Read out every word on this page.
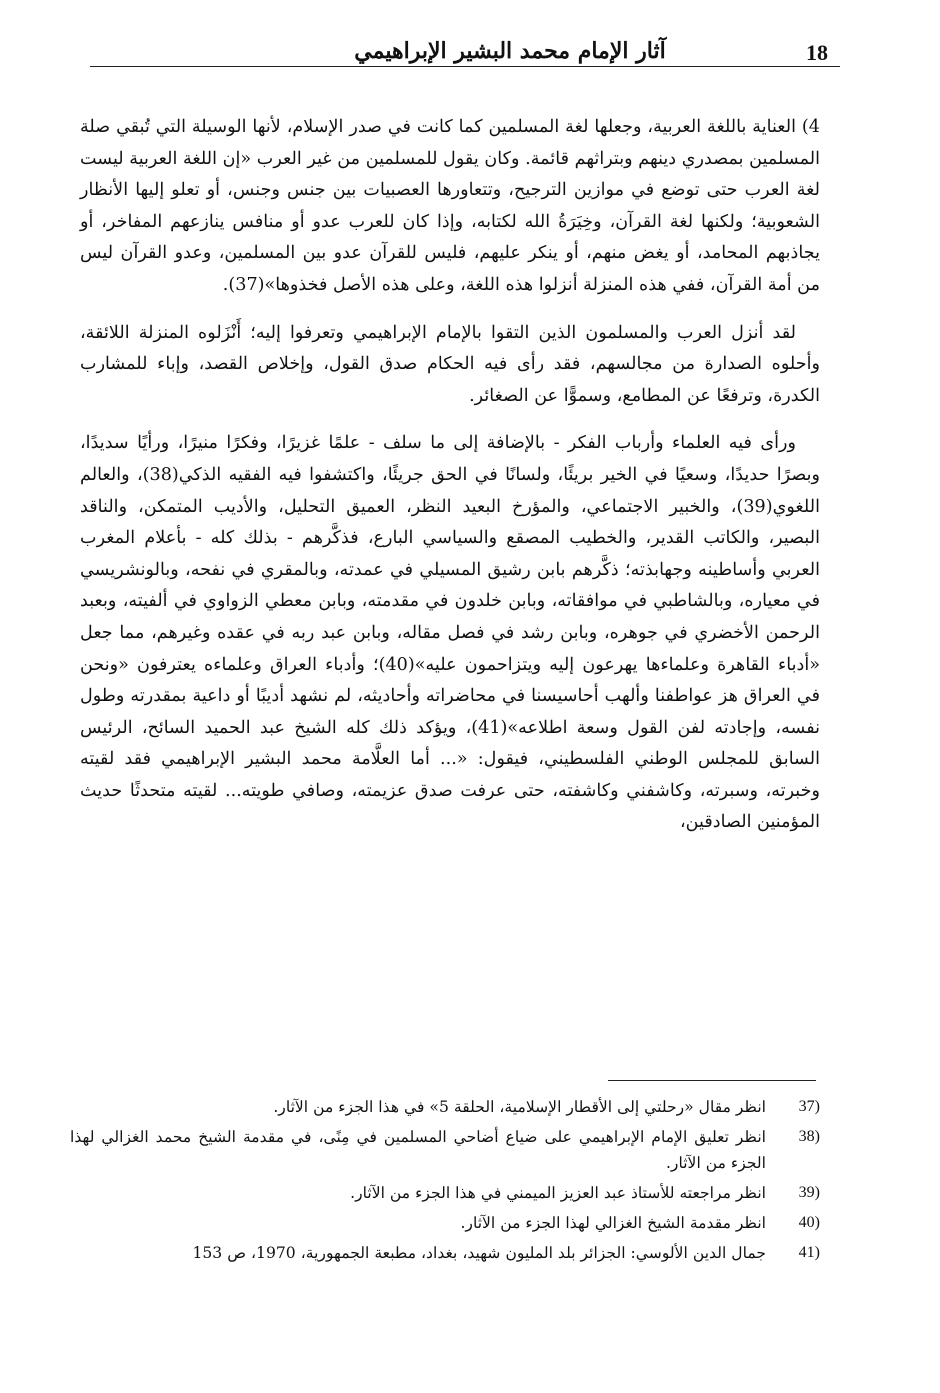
18
آثار الإمام محمد البشير الإبراهيمي

4) العناية باللغة العربية، وجعلها لغة المسلمين كما كانت في صدر الإسلام، لأنها الوسيلة التي تُبقي صلة المسلمين بمصدري دينهم وبتراثهم قائمة. وكان يقول للمسلمين من غير العرب «إن اللغة العربية ليست لغة العرب حتى توضع في موازين الترجيح، وتتعاورها العصبيات بين جنس وجنس، أو تعلو إليها الأنظار الشعوبية؛ ولكنها لغة القرآن، وخِيَرَةُ الله لكتابه، وإذا كان للعرب عدو أو منافس ينازعهم المفاخر، أو يجاذبهم المحامد، أو يغض منهم، أو ينكر عليهم، فليس للقرآن عدو بين المسلمين، وعدو القرآن ليس من أمة القرآن، ففي هذه المنزلة أنزلوا هذه اللغة، وعلى هذه الأصل فخذوها»(37).

لقد أنزل العرب والمسلمون الذين التقوا بالإمام الإبراهيمي وتعرفوا إليه؛ أَنْزَلوه المنزلة اللائقة، وأحلوه الصدارة من مجالسهم، فقد رأى فيه الحكام صدق القول، وإخلاص القصد، وإباء للمشارب الكدرة، وترفعًا عن المطامع، وسموًّا عن الصغائر.

ورأى فيه العلماء وأرباب الفكر - بالإضافة إلى ما سلف - علمًا غزيرًا، وفكرًا منيرًا، ورأيًا سديدًا، وبصرًا حديدًا، وسعيًا في الخير بريئًا، ولسانًا في الحق جريئًا، واكتشفوا فيه الفقيه الذكي(38)، والعالم اللغوي(39)، والخبير الاجتماعي، والمؤرخ البعيد النظر، العميق التحليل، والأديب المتمكن، والناقد البصير، والكاتب القدير، والخطيب المصقع والسياسي البارع، فذكَّرهم - بذلك كله - بأعلام المغرب العربي وأساطينه وجهابذته؛ ذكَّرهم بابن رشيق المسيلي في عمدته، وبالمقري في نفحه، وبالونشريسي في معياره، وبالشاطبي في موافقاته، وبابن خلدون في مقدمته، وبابن معطي الزواوي في ألفيته، وبعبد الرحمن الأخضري في جوهره، وبابن رشد في فصل مقاله، وبابن عبد ربه في عقده وغيرهم، مما جعل «أدباء القاهرة وعلماءها يهرعون إليه ويتزاحمون عليه»(40)؛ وأدباء العراق وعلماءه يعترفون «ونحن في العراق هز عواطفنا وألهب أحاسيسنا في محاضراته وأحاديثه، لم نشهد أديبًا أو داعية بمقدرته وطول نفسه، وإجادته لفن القول وسعة اطلاعه»(41)، ويؤكد ذلك كله الشيخ عبد الحميد السائح، الرئيس السابق للمجلس الوطني الفلسطيني، فيقول: «... أما العلَّامة محمد البشير الإبراهيمي فقد لقيته وخبرته، وسبرته، وكاشفني وكاشفته، حتى عرفت صدق عزيمته، وصافي طويته... لقيته متحدثًا حديث المؤمنين الصادقين،

37)
انظر مقال «رحلتي إلى الأقطار الإسلامية، الحلقة 5» في هذا الجزء من الآثار.
38)
انظر تعليق الإمام الإبراهيمي على ضياع أضاحي المسلمين في مِنًى، في مقدمة الشيخ محمد الغزالي لهذا الجزء من الآثار.
39)
انظر مراجعته للأستاذ عبد العزيز الميمني في هذا الجزء من الآثار.
40)
انظر مقدمة الشيخ الغزالي لهذا الجزء من الآثار.
41)
جمال الدين الألوسي: الجزائر بلد المليون شهيد، بغداد، مطبعة الجمهورية، 1970، ص 153
